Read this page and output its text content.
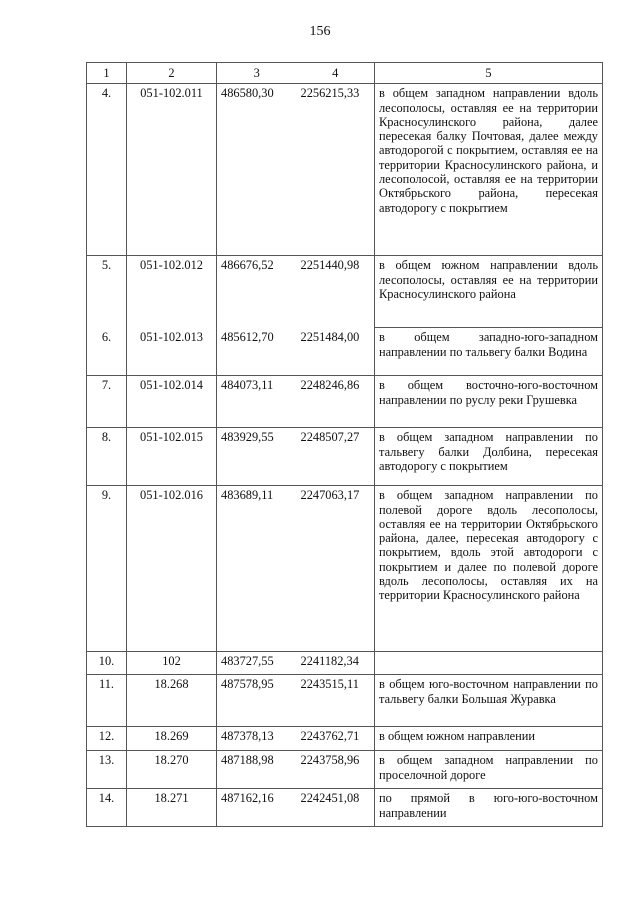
156
1	2	3	4	5
4.	051-102.011	486580,30	2256215,33	в общем западном направлении вдоль лесополосы, оставляя ее на территории Красносулинского района, далее пересекая балку Почтовая, далее между автодорогой с покрытием, оставляя ее на территории Красносулинского района, и лесополосой, оставляя ее на территории Октябрьского района, пересекая автодорогу с покрытием
5.	051-102.012	486676,52	2251440,98	в общем южном направлении вдоль лесополосы, оставляя ее на территории Красносулинского района
6.	051-102.013	485612,70	2251484,00	в общем западно-юго-западном направлении по тальвегу балки Водина
7.	051-102.014	484073,11	2248246,86	в общем восточно-юго-восточном направлении по руслу реки Грушевка
8.	051-102.015	483929,55	2248507,27	в общем западном направлении по тальвегу балки Долбина, пересекая автодорогу с покрытием
9.	051-102.016	483689,11	2247063,17	в общем западном направлении по полевой дороге вдоль лесополосы, оставляя ее на территории Октябрьского района, далее, пересекая автодорогу с покрытием, вдоль этой автодороги с покрытием и далее по полевой дороге вдоль лесополосы, оставляя их на территории Красносулинского района
10.	102	483727,55	2241182,34	
11.	18.268	487578,95	2243515,11	в общем юго-восточном направлении по тальвегу балки Большая Журавка
12.	18.269	487378,13	2243762,71	в общем южном направлении
13.	18.270	487188,98	2243758,96	в общем западном направлении по проселочной дороге
14.	18.271	487162,16	2242451,08	по прямой в юго-юго-восточном направлении
